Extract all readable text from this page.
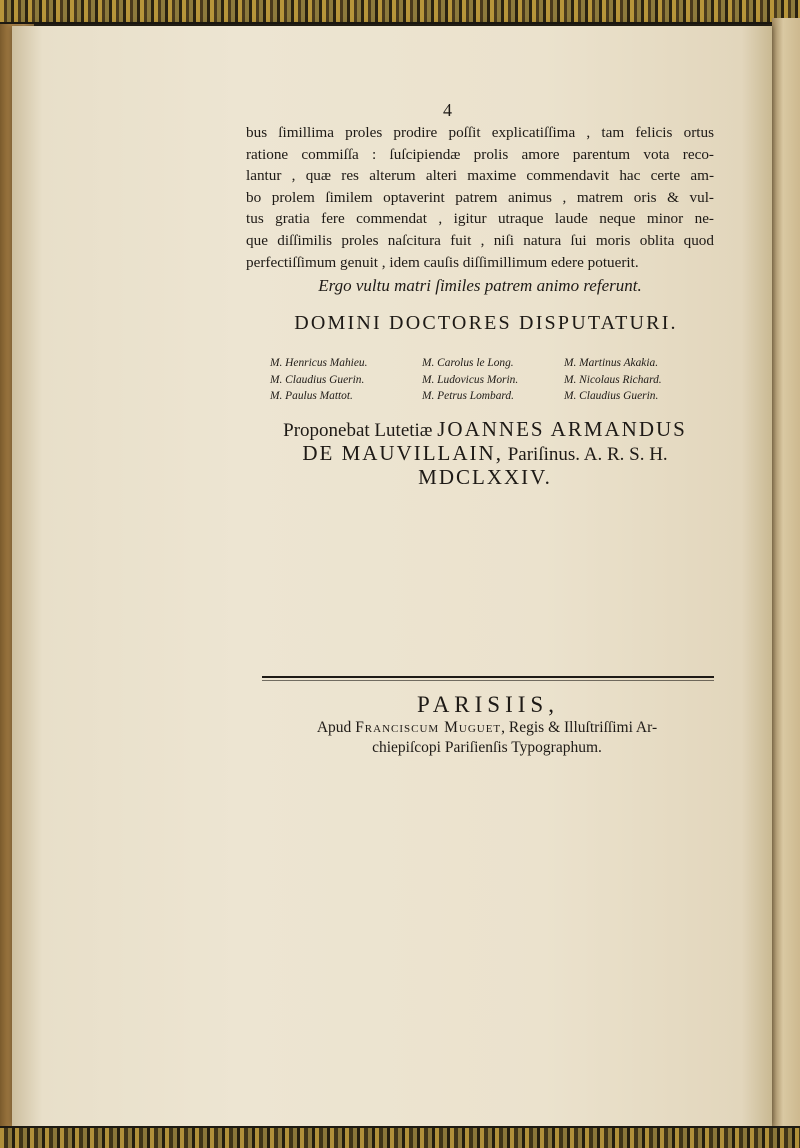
4
bus ſimillima proles prodire poſſit explicatiſſima , tam felicis ortus
ratione commiſſa : ſuſcipiendæ prolis amore parentum vota reco-
lantur , quæ res alterum alteri maxime commendavit hac certe am-
bo prolem ſimilem optaverint patrem animus , matrem oris & vul-
tus gratia fere commendat , igitur utraque laude neque minor ne-
que diſſimilis proles naſcitura fuit , niſi natura ſui moris oblita quod
perfectiſſimum genuit , idem cauſis diſſimillimum edere potuerit.
Ergo vultu matri ſimiles patrem animo referunt.
DOMINI DOCTORES DISPUTATURI.
M. Henricus Mahieu.	M. Carolus le Long.	M. Martinus Akakia.
M. Claudius Guerin.	M. Ludovicus Morin.	M. Nicolaus Richard.
M. Paulus Mattot.	M. Petrus Lombard.	M. Claudius Guerin.
Proponebat Lutetiæ JOANNES ARMANDUS
DE MAUVILLAIN, Pariſinus. A. R. S. H.
MDCLXXIV.
PARISIIS,
Apud Franciscum Muguet, Regis & Illuſtriſſimi Ar-
chiepiſcopi Pariſienſis Typographum.
